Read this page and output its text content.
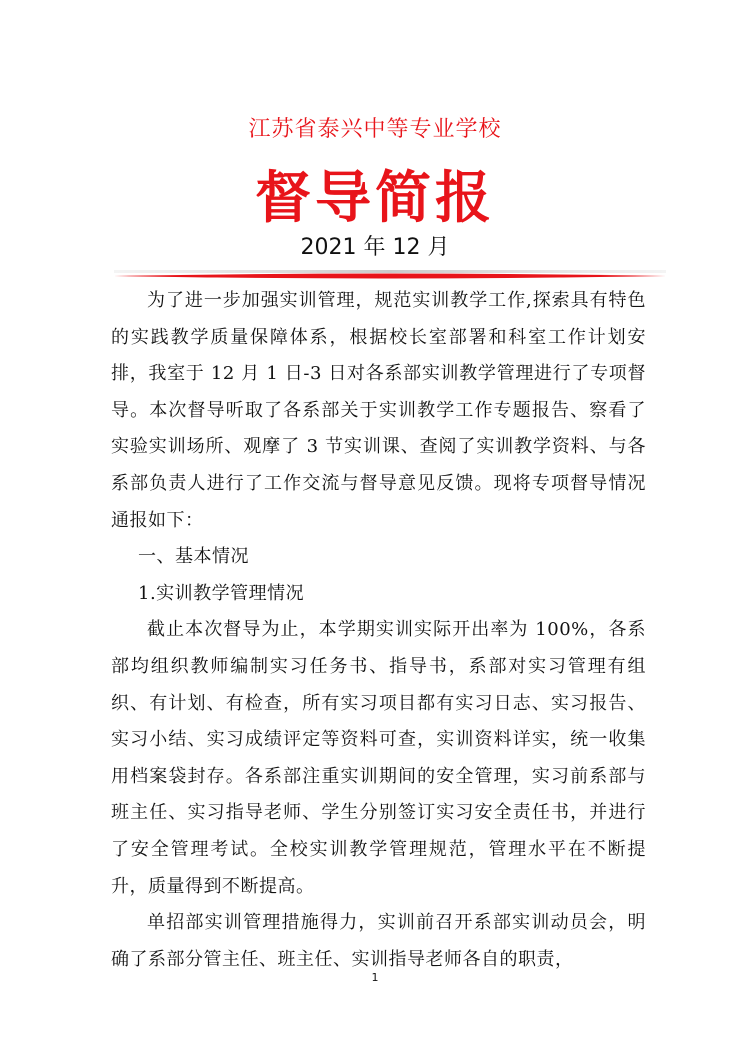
江苏省泰兴中等专业学校
督导简报
2021 年 12 月

为了进一步加强实训管理，规范实训教学工作,探索具有特色的实践教学质量保障体系，根据校长室部署和科室工作计划安排，我室于 12 月 1 日-3 日对各系部实训教学管理进行了专项督导。本次督导听取了各系部关于实训教学工作专题报告、察看了实验实训场所、观摩了 3 节实训课、查阅了实训教学资料、与各系部负责人进行了工作交流与督导意见反馈。现将专项督导情况通报如下：

一、基本情况

1.实训教学管理情况

截止本次督导为止，本学期实训实际开出率为 100%，各系部均组织教师编制实习任务书、指导书，系部对实习管理有组织、有计划、有检查，所有实习项目都有实习日志、实习报告、实习小结、实习成绩评定等资料可查，实训资料详实，统一收集用档案袋封存。各系部注重实训期间的安全管理，实习前系部与班主任、实习指导老师、学生分别签订实习安全责任书，并进行了安全管理考试。全校实训教学管理规范，管理水平在不断提升，质量得到不断提高。

单招部实训管理措施得力，实训前召开系部实训动员会，明确了系部分管主任、班主任、实训指导老师各自的职责，

1
